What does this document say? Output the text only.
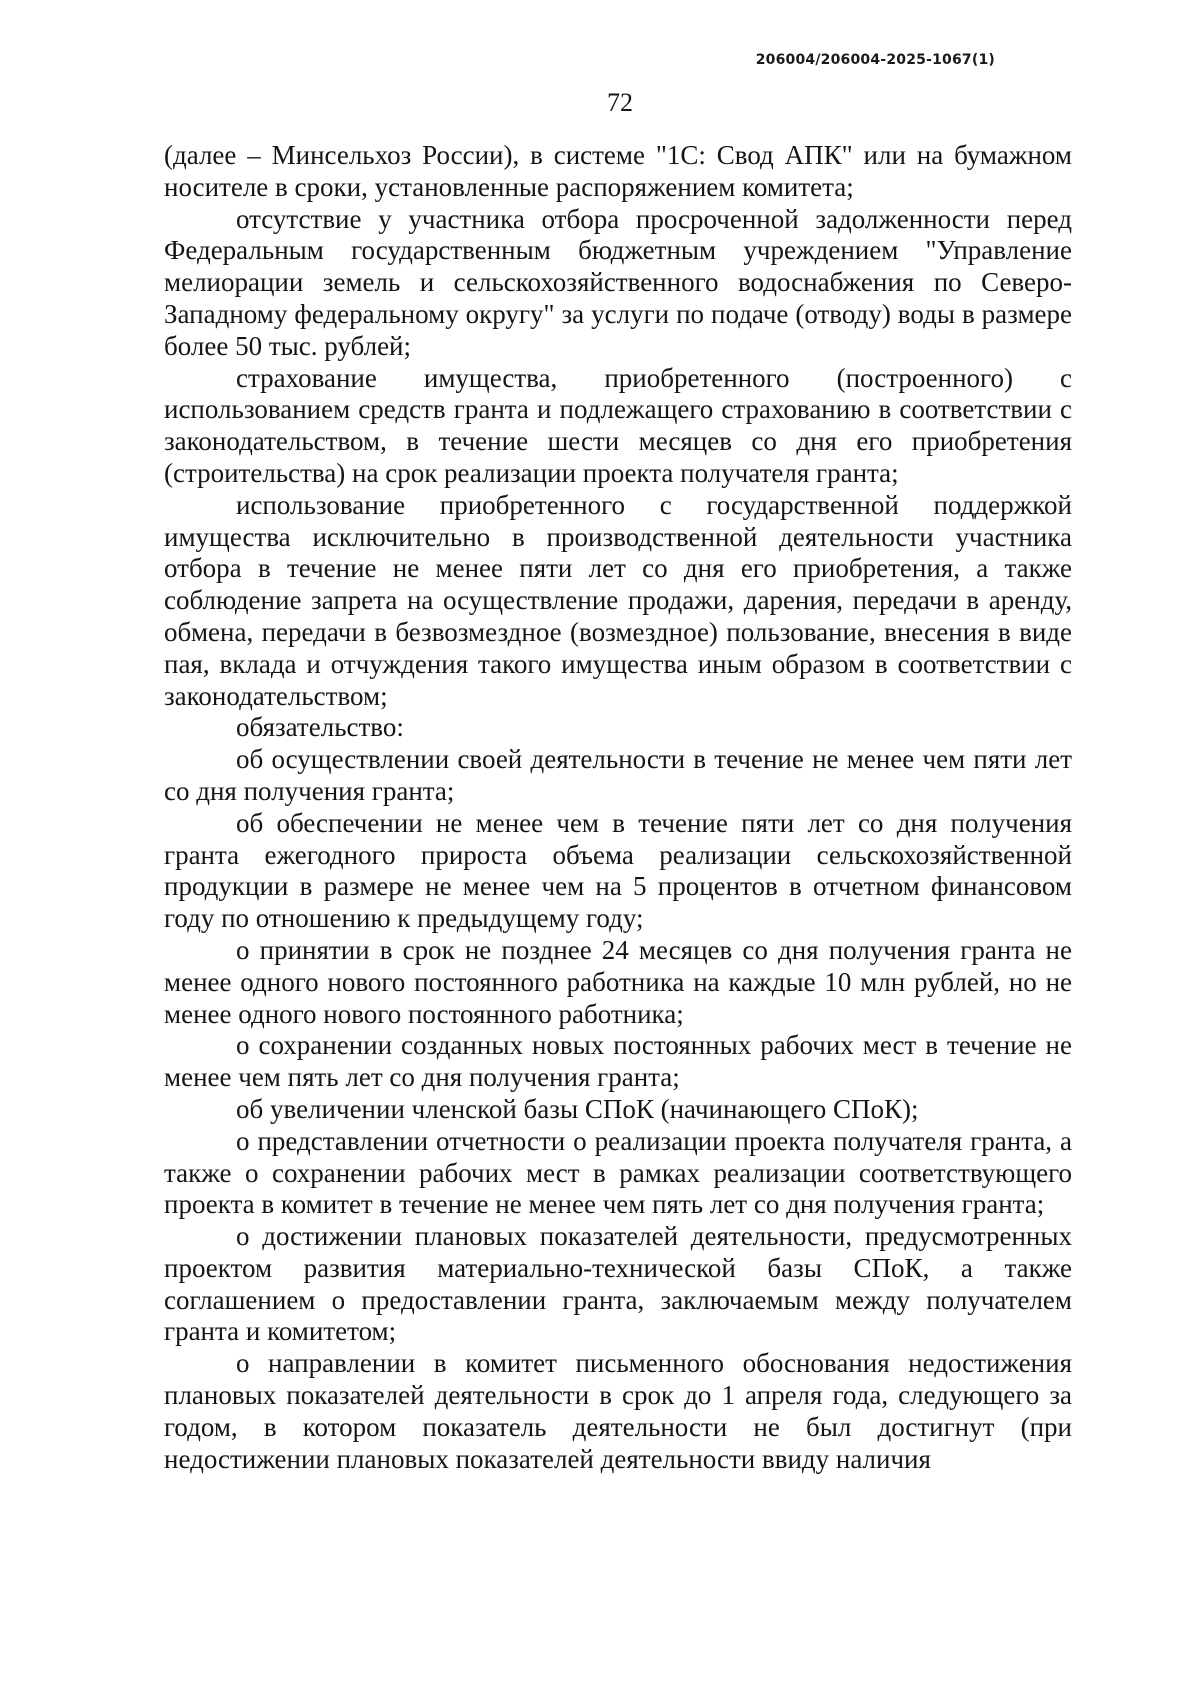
206004/206004-2025-1067(1)
72

(далее – Минсельхоз России), в системе "1С: Свод АПК" или на бумажном носителе в сроки, установленные распоряжением комитета;

отсутствие у участника отбора просроченной задолженности перед Федеральным государственным бюджетным учреждением "Управление мелиорации земель и сельскохозяйственного водоснабжения по Северо-Западному федеральному округу" за услуги по подаче (отводу) воды в размере более 50 тыс. рублей;

страхование имущества, приобретенного (построенного) с использованием средств гранта и подлежащего страхованию в соответствии с законодательством, в течение шести месяцев со дня его приобретения (строительства) на срок реализации проекта получателя гранта;

использование приобретенного с государственной поддержкой имущества исключительно в производственной деятельности участника отбора в течение не менее пяти лет со дня его приобретения, а также соблюдение запрета на осуществление продажи, дарения, передачи в аренду, обмена, передачи в безвозмездное (возмездное) пользование, внесения в виде пая, вклада и отчуждения такого имущества иным образом в соответствии с законодательством;

обязательство:

об осуществлении своей деятельности в течение не менее чем пяти лет со дня получения гранта;

об обеспечении не менее чем в течение пяти лет со дня получения гранта ежегодного прироста объема реализации сельскохозяйственной продукции в размере не менее чем на 5 процентов в отчетном финансовом году по отношению к предыдущему году;

о принятии в срок не позднее 24 месяцев со дня получения гранта не менее одного нового постоянного работника на каждые 10 млн рублей, но не менее одного нового постоянного работника;

о сохранении созданных новых постоянных рабочих мест в течение не менее чем пять лет со дня получения гранта;

об увеличении членской базы СПоК (начинающего СПоК);

о представлении отчетности о реализации проекта получателя гранта, а также о сохранении рабочих мест в рамках реализации соответствующего проекта в комитет в течение не менее чем пять лет со дня получения гранта;

о достижении плановых показателей деятельности, предусмотренных проектом развития материально-технической базы СПоК, а также соглашением о предоставлении гранта, заключаемым между получателем гранта и комитетом;

о направлении в комитет письменного обоснования недостижения плановых показателей деятельности в срок до 1 апреля года, следующего за годом, в котором показатель деятельности не был достигнут (при недостижении плановых показателей деятельности ввиду наличия
